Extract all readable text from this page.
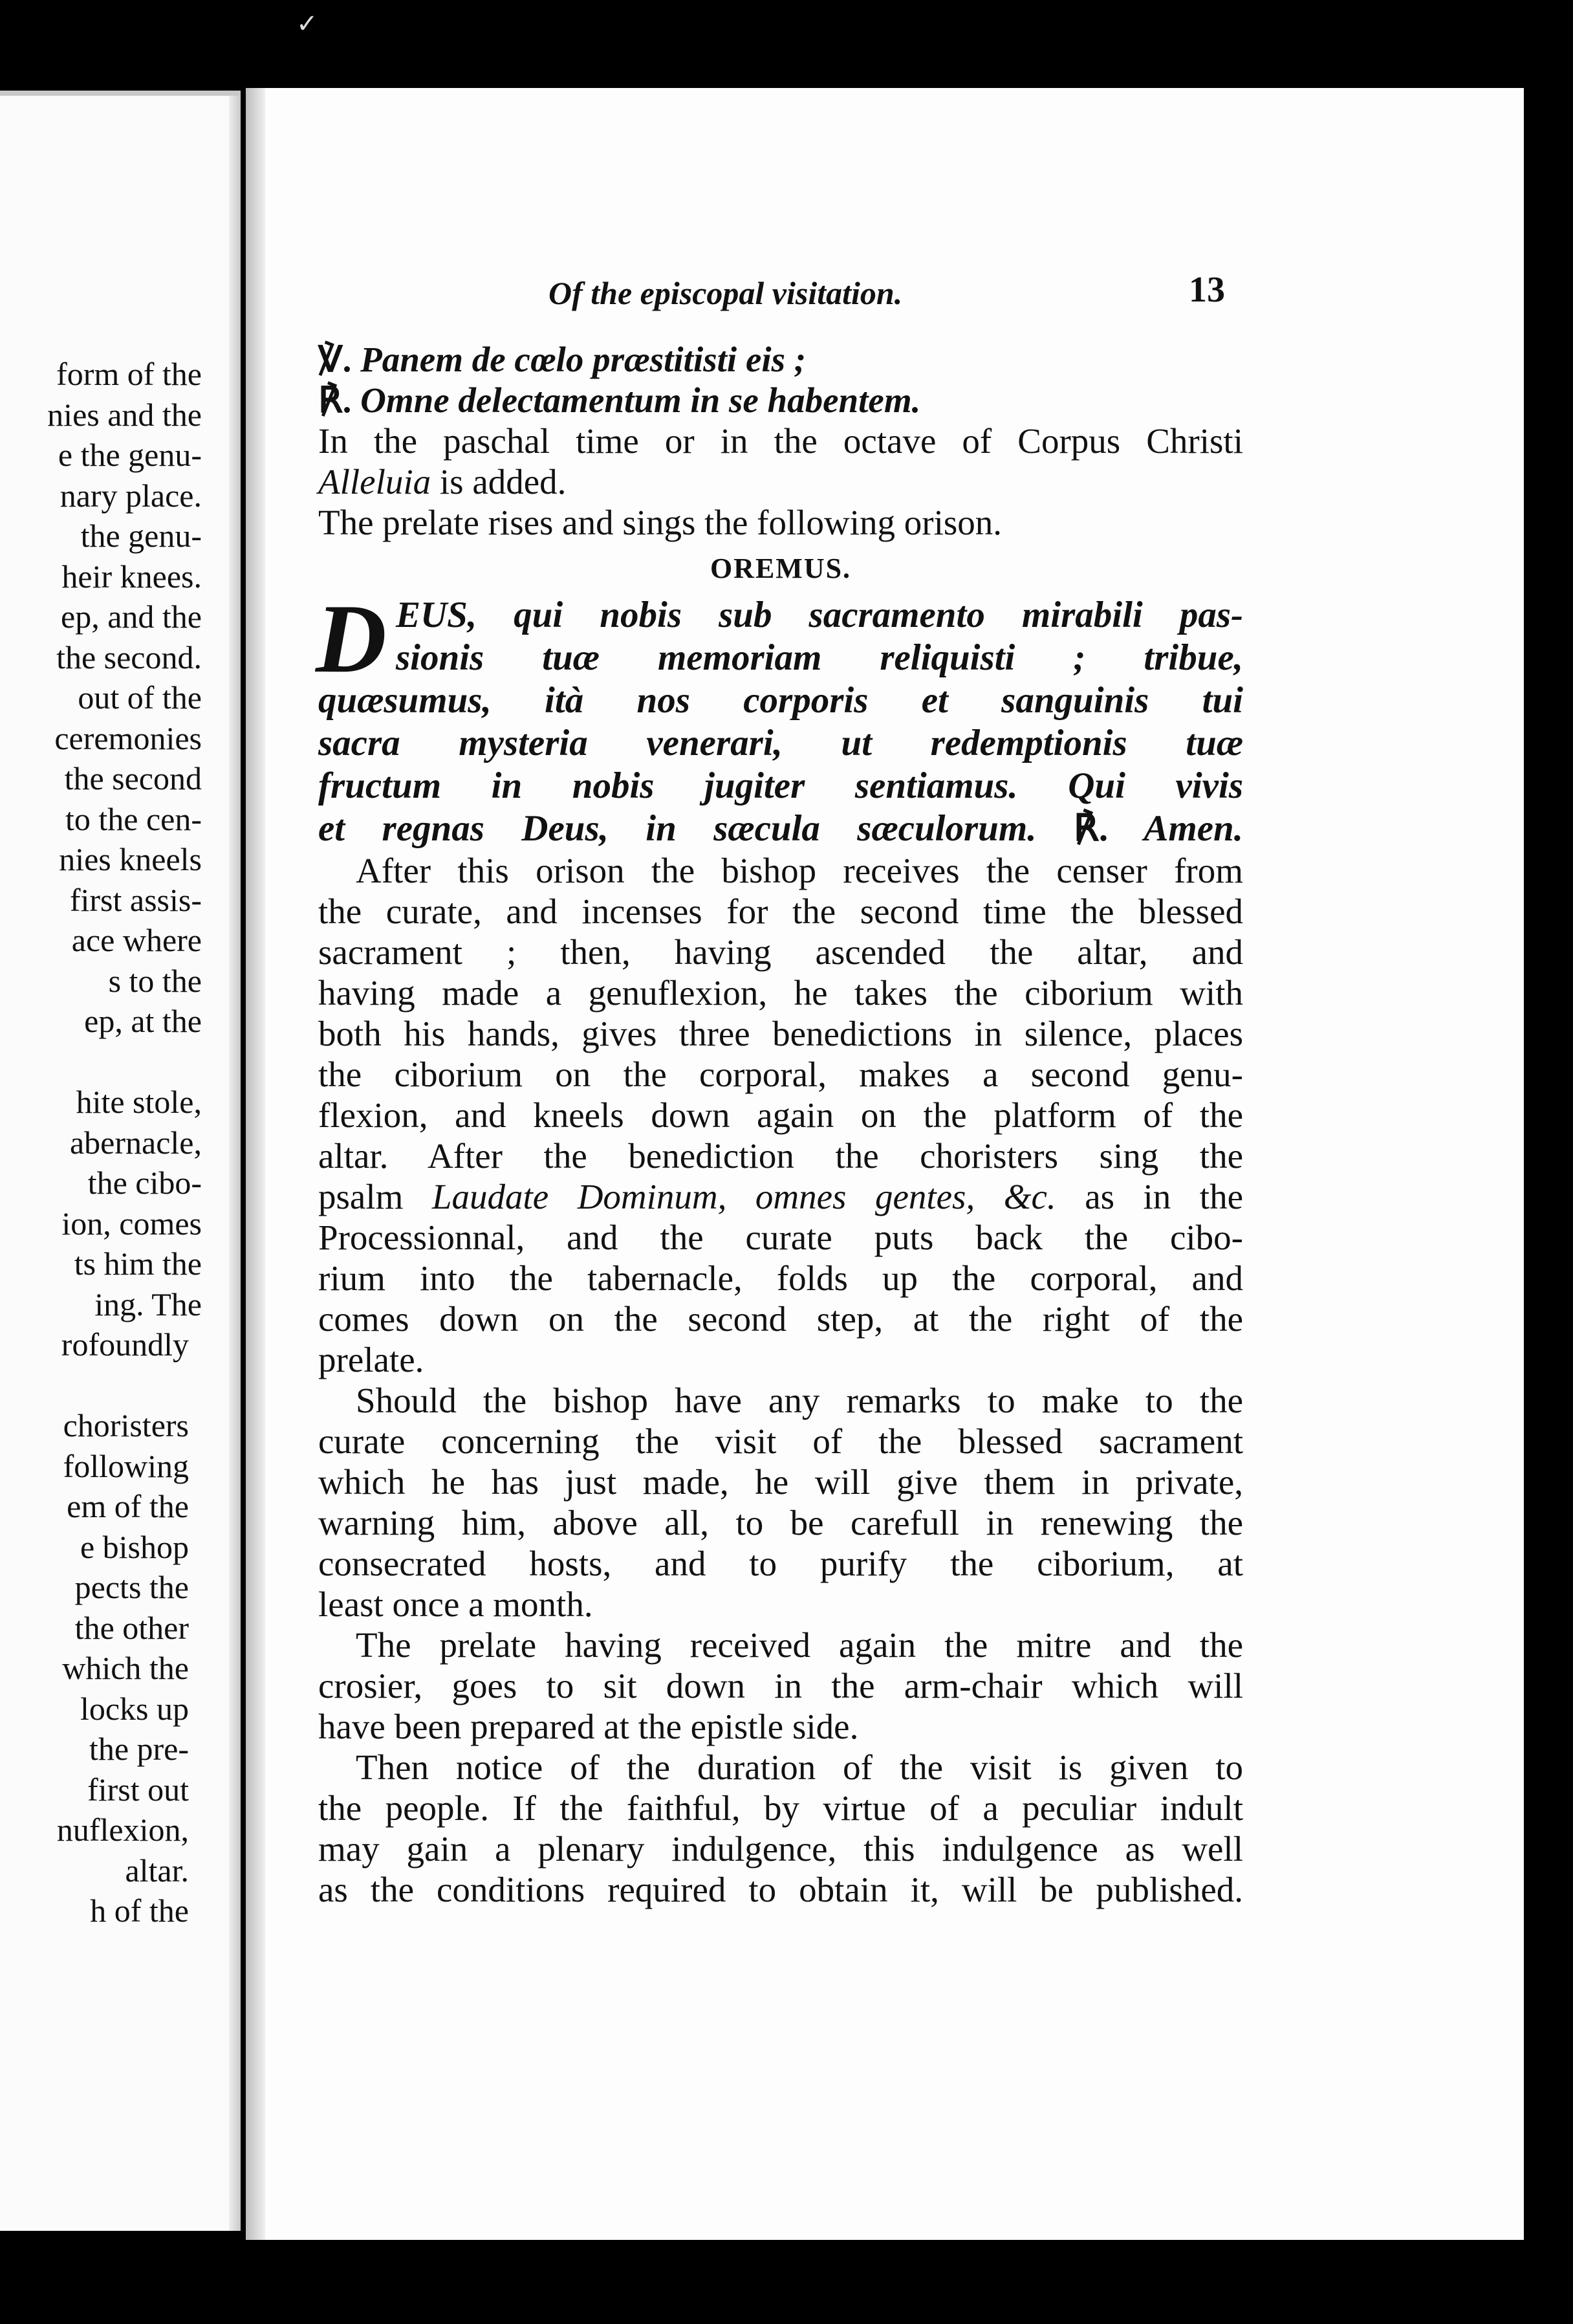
✓
form of the
nies and the
e the genu-
nary place.
the genu-
heir knees.
ep, and the
the second.
out of the
ceremonies
the second
to the cen-
nies kneels
first assis-
ace where
s to the
ep, at the
hite stole,
abernacle,
the cibo-
ion, comes
ts him the
ing. The
rofoundly
choristers
following
em of the
e bishop
pects the
the other
which the
locks up
the pre-
first out
nuflexion,
altar.
h of the
Of the episcopal visitation.	13
℣. Panem de cœlo præstitisti eis ;
℟. Omne delectamentum in se habentem.
In the paschal time or in the octave of Corpus Christi
Alleluia is added.
The prelate rises and sings the following orison.
OREMUS.
D EUS, qui nobis sub sacramento mirabili pas-
sionis tuæ memoriam reliquisti ; tribue,
quæsumus, ità nos corporis et sanguinis tui
sacra mysteria venerari, ut redemptionis tuæ
fructum in nobis jugiter sentiamus. Qui vivis
et regnas Deus, in sæcula sæculorum. ℟. Amen.
After this orison the bishop receives the censer from
the curate, and incenses for the second time the blessed
sacrament ; then, having ascended the altar, and
having made a genuflexion, he takes the ciborium with
both his hands, gives three benedictions in silence, places
the ciborium on the corporal, makes a second genu-
flexion, and kneels down again on the platform of the
altar. After the benediction the choristers sing the
psalm Laudate Dominum, omnes gentes, &c. as in the
Processionnal, and the curate puts back the cibo-
rium into the tabernacle, folds up the corporal, and
comes down on the second step, at the right of the
prelate.
Should the bishop have any remarks to make to the
curate concerning the visit of the blessed sacrament
which he has just made, he will give them in private,
warning him, above all, to be carefull in renewing the
consecrated hosts, and to purify the ciborium, at
least once a month.
The prelate having received again the mitre and the
crosier, goes to sit down in the arm-chair which will
have been prepared at the epistle side.
Then notice of the duration of the visit is given to
the people. If the faithful, by virtue of a peculiar indult
may gain a plenary indulgence, this indulgence as well
as the conditions required to obtain it, will be published.
